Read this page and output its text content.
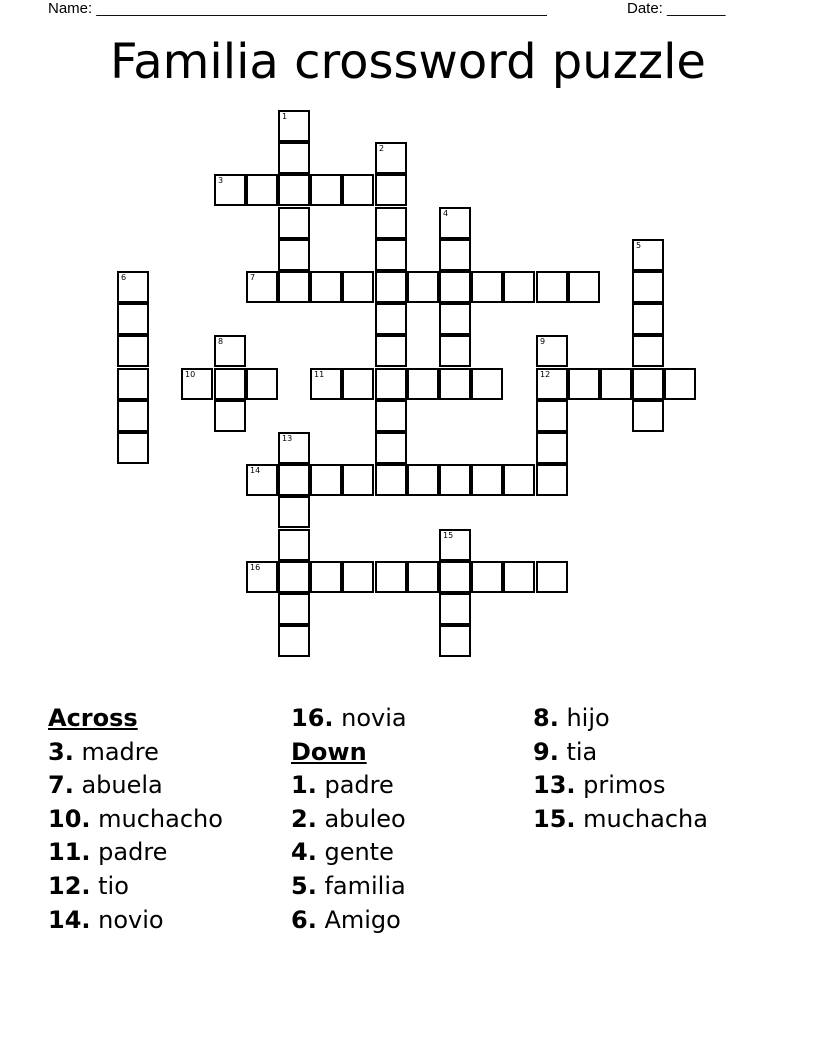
Name: ______________________________________________________	Date: _______
Familia crossword puzzle
3
7
10	11	12
14
16
1
2
4
5
6
8	9
13
15
Across
3. madre
7. abuela
10. muchacho
11. padre
12. tio
14. novio
16. novia
Down
1. padre
2. abuleo
4. gente
5. familia
6. Amigo
8. hijo
9. tia
13. primos
15. muchacha
